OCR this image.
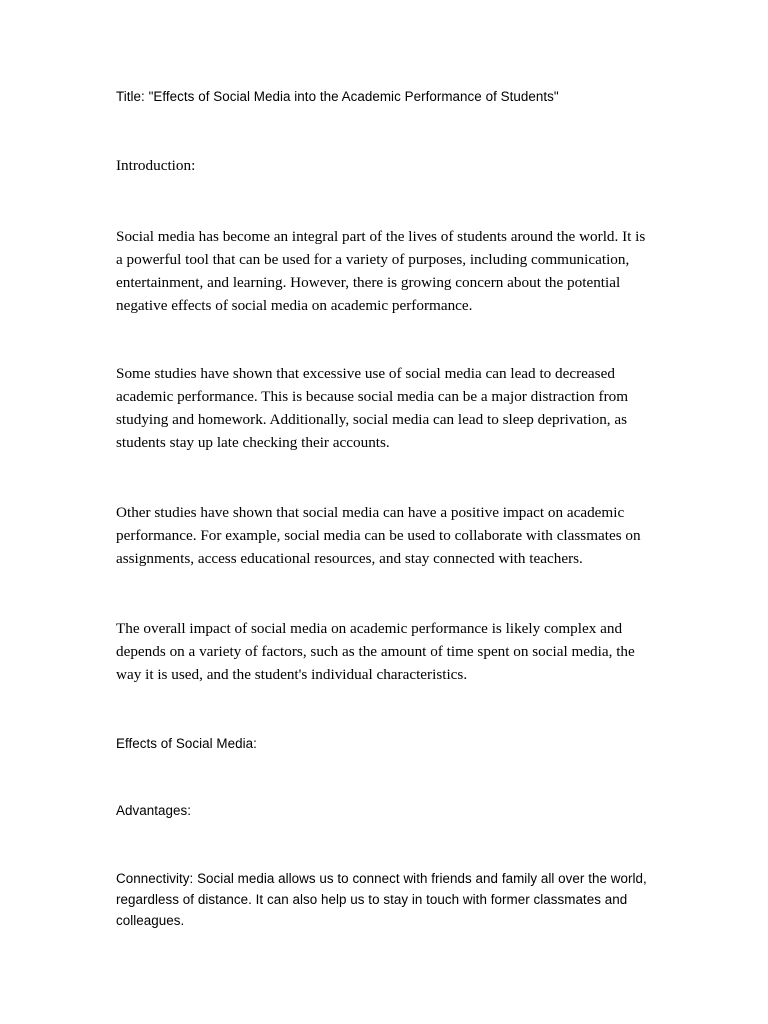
Title: "Effects of Social Media into the Academic Performance of Students"

Introduction:

Social media has become an integral part of the lives of students around the world. It is a powerful tool that can be used for a variety of purposes, including communication, entertainment, and learning. However, there is growing concern about the potential negative effects of social media on academic performance.

Some studies have shown that excessive use of social media can lead to decreased academic performance. This is because social media can be a major distraction from studying and homework. Additionally, social media can lead to sleep deprivation, as students stay up late checking their accounts.

Other studies have shown that social media can have a positive impact on academic performance. For example, social media can be used to collaborate with classmates on assignments, access educational resources, and stay connected with teachers.

The overall impact of social media on academic performance is likely complex and depends on a variety of factors, such as the amount of time spent on social media, the way it is used, and the student's individual characteristics.

Effects of Social Media:

Advantages:

Connectivity: Social media allows us to connect with friends and family all over the world, regardless of distance. It can also help us to stay in touch with former classmates and colleagues.
